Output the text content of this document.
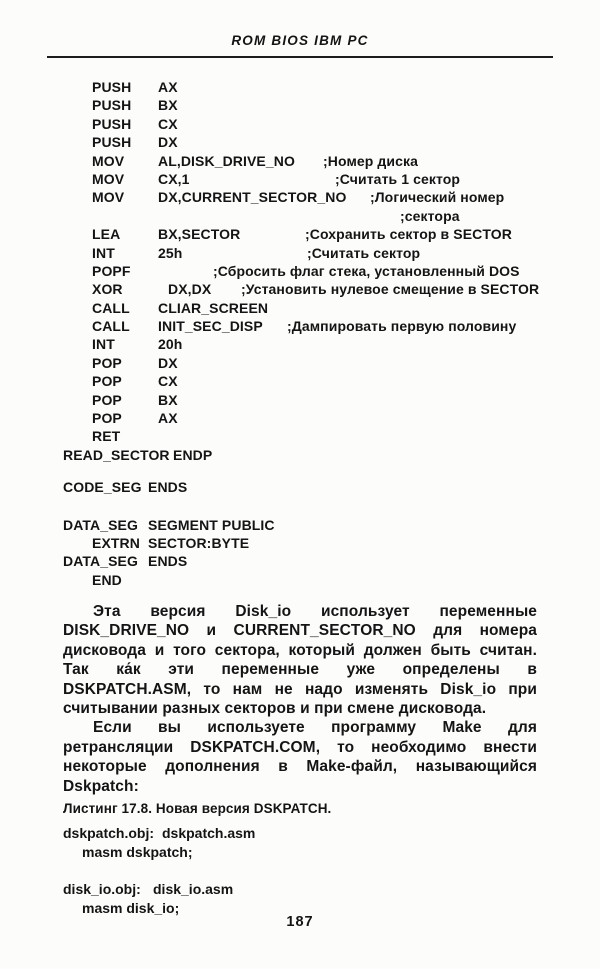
ROM BIOS IBM PC
PUSH AX
PUSH BX
PUSH CX
PUSH DX
MOV AL,DISK_DRIVE_NO ;Номер диска
MOV CX,1	;Считать 1 сектор
MOV DX,CURRENT_SECTOR_NO ;Логический номер
;сектора
LEA	BX,SECTOR	;Сохранить сектор в SECTOR
INT	25h	;Считать сектор
POPF	;Сбросить флаг стека, установленный DOS
XOR	DX,DX ;Установить нулевое смещение в SECTOR
CALL CLIAR_SCREEN
CALL INIT_SEC_DISP ;Дампировать первую половину
INT	20h
POP	DX
POP	CX
POP	BX
POP	AX
RET
READ_SECTOR ENDP
CODE_SEG ENDS
DATA_SEG SEGMENT PUBLIC
EXTRN SECTOR:BYTE
DATA_SEG ENDS
END
Эта версия Disk_io использует переменные
DISK_DRIVE_NO и CURRENT_SECTOR_NO для номера
дисковода и того сектора, который должен быть считан.
Так ка́к эти переменные уже определены в
DSKPATCH.ASM, то нам не надо изменять Disk_io при
считывании разных секторов и при смене дисковода.
Если вы используете программу Make для
ретрансляции DSKPATCH.COM, то необходимо внести
некоторые дополнения в Make-файл, называющийся
Dskpatch:
Листинг 17.8. Новая версия DSKPATCH.
dskpatch.obj: dskpatch.asm
masm dskpatch;
disk_io.obj: disk_io.asm
masm disk_io;
187
